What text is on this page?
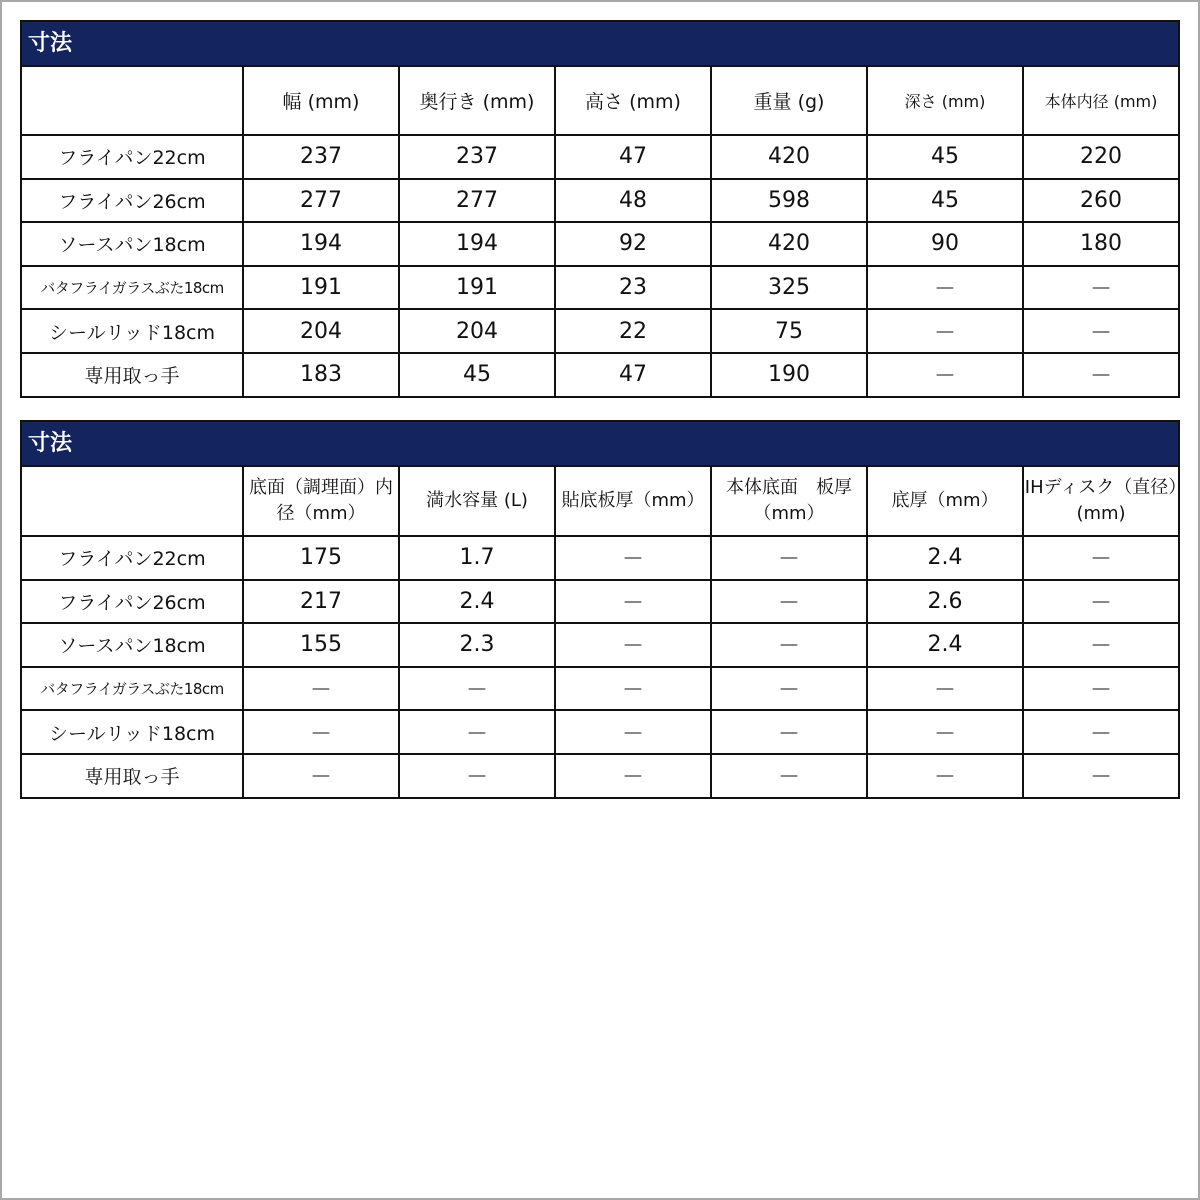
寸法
	幅 (mm)	奥行き (mm)	高さ (mm)	重量 (g)	深さ (mm)	本体内径 (mm)
フライパン22cm	237	237	47	420	45	220
フライパン26cm	277	277	48	598	45	260
ソースパン18cm	194	194	92	420	90	180
バタフライガラスぶた18cm	191	191	23	325	－	－
シールリッド18cm	204	204	22	75	－	－
専用取っ手	183	45	47	190	－	－
寸法
	底面（調理面）内径（mm）	満水容量 (L)	貼底板厚（mm）	本体底面　板厚（mm）	底厚（mm）	IHディスク（直径）(mm)
フライパン22cm	175	1.7	－	－	2.4	－
フライパン26cm	217	2.4	－	－	2.6	－
ソースパン18cm	155	2.3	－	－	2.4	－
バタフライガラスぶた18cm	－	－	－	－	－	－
シールリッド18cm	－	－	－	－	－	－
専用取っ手	－	－	－	－	－	－
